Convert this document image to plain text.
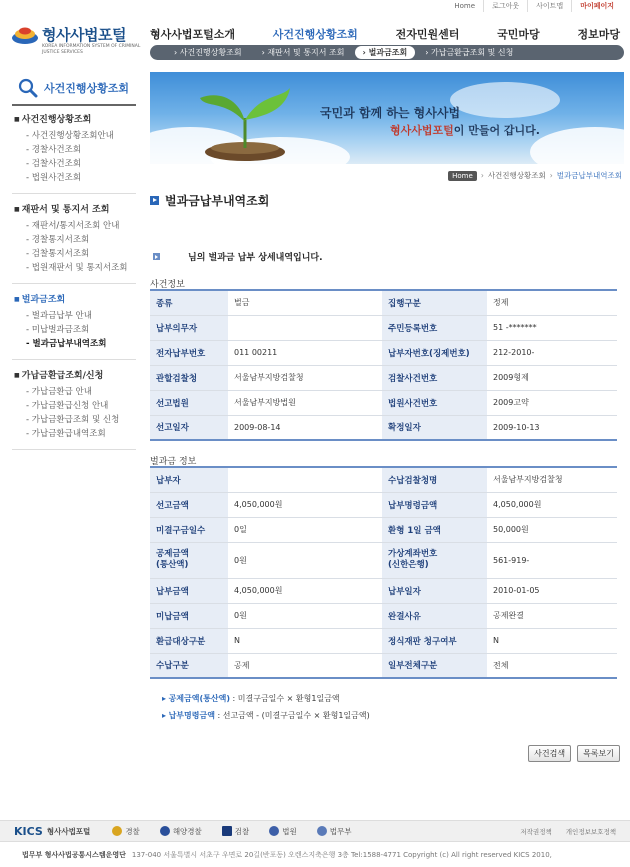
Home	로그아웃	사이트맵	마이페이지
형사사법포털
KOREA INFORMATION SYSTEM OF CRIMINAL JUSTICE SERVICES
형사사법포털소개	사건진행상황조회	전자민원센터	국민마당	정보마당
› 사건진행상황조회	› 재판서 및 통지서 조회	› 벌과금조회	› 가납금환급조회 및 신청
사건진행상황조회
■ 사건진행상황조회
- 사건진행상황조회안내
- 경찰사건조회
- 검찰사건조회
- 법원사건조회
■ 재판서 및 통지서 조회
- 재판서/통지서조회 안내
- 경찰통지서조회
- 검찰통지서조회
- 법원재판서 및 통지서조회
■ 벌과금조회
- 벌과금납부 안내
- 미납벌과금조회
- 벌과금납부내역조회
■ 가납금환급조회/신청
- 가납금환급 안내
- 가납금환급신청 안내
- 가납금환급조회 및 신청
- 가납금환급내역조회
국민과 함께 하는 형사사법
형사사법포털이 만들어 갑니다.
Home	› 사건진행상황조회 › 벌과금납부내역조회
벌과금납부내역조회
님의 벌과금 납부 상세내역입니다.
사건정보
종류	벌금	집행구분	정제
납부의무자		주민등록번호	51 -*******
전자납부번호	011 00211	납부자번호(징제번호)	212-2010-
관할검찰청	서울남부지방검찰청	검찰사건번호	2009형제
선고법원	서울남부지방법원	법원사건번호	2009고약
선고일자	2009-08-14	확정일자	2009-10-13
벌과금 정보
납부자		수납검찰청명	서울남부지방검찰청
선고금액	4,050,000원	납부명령금액	4,050,000원
미결구금일수	0일	환형 1일 금액	50,000원
공제금액
(통산액)	0원	가상계좌번호
(신한은행)	561-919-
납부금액	4,050,000원	납부일자	2010-01-05
미납금액	0원	완결사유	공제완결
환급대상구분	N	정식재판 청구여부	N
수납구분	공제	일부전체구분	전체
▸ 공제금액(통산액) : 미결구금일수 × 환형1일금액
▸ 납부명령금액 : 선고금액 - (미결구금일수 × 환형1일금액)
사건검색	목록보기
KICS 형사사법포털	경찰	해양경찰	검찰	법원	법무부	저작권정책 개인정보보호정책
법무부 형사사법공통시스템운영단 137-040 서울특별시 서초구 우면로 20길(반포동) 오렌스지축은행 3층 Tel:1588-4771 Copyright (c) All right reserved KICS 2010,
